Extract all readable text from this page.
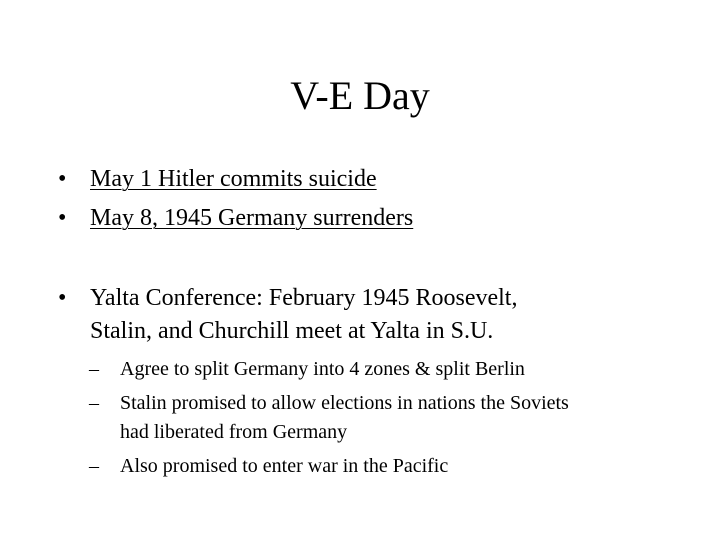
V-E Day
• May 1 Hitler commits suicide
• May 8, 1945 Germany surrenders
• Yalta Conference: February 1945 Roosevelt,
Stalin, and Churchill meet at Yalta in S.U.
– Agree to split Germany into 4 zones & split Berlin
– Stalin promised to allow elections in nations the Soviets
had liberated from Germany
– Also promised to enter war in the Pacific
